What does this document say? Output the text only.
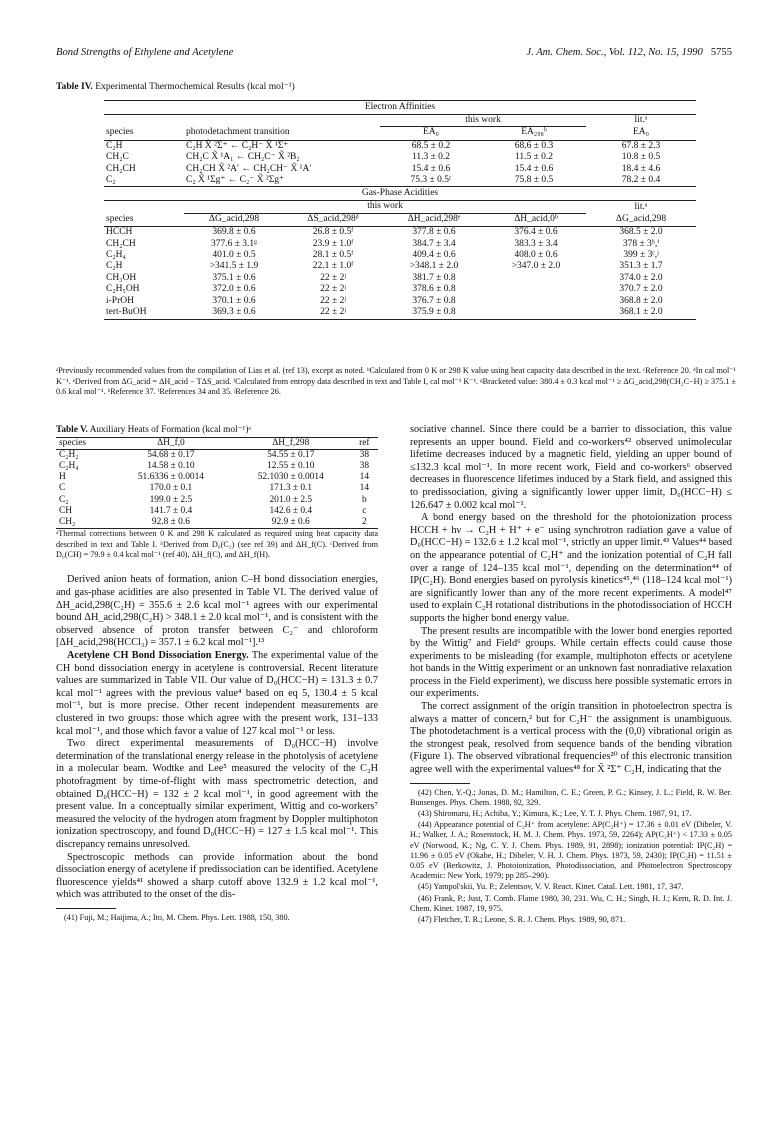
Bond Strengths of Ethylene and Acetylene	J. Am. Chem. Soc., Vol. 112, No. 15, 1990 5755
Table IV. Experimental Thermochemical Results (kcal mol⁻¹)
Electron Affinities
		this work		lit.ᵃ
species	photodetachment transition	EA₀	EA₂₉₈ᵇ	EA₀
C₂H	C₂H X̃ ²Σ⁺ ← C₂H⁻ X̃ ¹Σ⁺	68.5 ± 0.2	68.6 ± 0.3	67.8 ± 2.3
CH₂C	CH₂C X̃ ¹A₁ ← CH₂C⁻ X̃ ²B₂	11.3 ± 0.2	11.5 ± 0.2	10.8 ± 0.5
CH₂CH	CH₂CH X̃ ²A′ ← CH₂CH⁻ X̃ ¹A′	15.4 ± 0.6	15.4 ± 0.6	18.4 ± 4.6
C₂	C₂ X̃ ¹Σg⁺ ← C₂⁻ X̃ ²Σg⁺	75.3 ± 0.5ᶜ	75.8 ± 0.5	78.2 ± 0.4
Gas-Phase Acidities
	this work				lit.ᵃ
species	ΔG_acid,298	ΔS_acid,298ᵈ	ΔH_acid,298ᵉ	ΔH_acid,0ᵇ	ΔG_acid,298
HCCH	369.8 ± 0.6	26.8 ± 0.5ᶠ	377.8 ± 0.6	376.4 ± 0.6	368.5 ± 2.0
CH₂CH	377.6 ± 3.1ᵍ	23.9 ± 1.0ᶠ	384.7 ± 3.4	383.3 ± 3.4	378 ± 3ʰ,ⁱ
C₂H₄	401.0 ± 0.5	28.1 ± 0.5ᶠ	409.4 ± 0.6	408.0 ± 0.6	399 ± 3ᶜ,ʲ
C₂H	>341.5 ± 1.9	22.1 ± 1.0ᶠ	>348.1 ± 2.0	>347.0 ± 2.0	351.3 ± 1.7
CH₃OH	375.1 ± 0.6	22 ± 2ʲ	381.7 ± 0.8		374.0 ± 2.0
C₂H₅OH	372.0 ± 0.6	22 ± 2ʲ	378.6 ± 0.8		370.7 ± 2.0
i-PrOH	370.1 ± 0.6	22 ± 2ʲ	376.7 ± 0.8		368.8 ± 2.0
tert-BuOH	369.3 ± 0.6	22 ± 2ʲ	375.9 ± 0.8		368.1 ± 2.0
ᵃPreviously recommended values from the compilation of Lias et al. (ref 13), except as noted. ᵇCalculated from 0 K or 298 K value using heat capacity data described in the text. ᶜReference 20. ᵈIn cal mol⁻¹ K⁻¹. ᵉDerived from ΔG_acid = ΔH_acid − TΔS_acid. ᶠCalculated from entropy data described in text and Table I, cal mol⁻¹ K⁻¹. ᵍBracketed value: 380.4 ± 0.3 kcal mol⁻¹ ≥ ΔG_acid,298(CH₂C−H) ≥ 375.1 ± 0.6 kcal mol⁻¹. ʰReference 37. ⁱReferences 34 and 35. ʲReference 26.

Table V. Auxiliary Heats of Formation (kcal mol⁻¹)ᵃ

species	ΔH_f,0	ΔH_f,298	ref
C₂H₂	54.68 ± 0.17	54.55 ± 0.17	38
C₂H₄	14.58 ± 0.10	12.55 ± 0.10	38
H	51.6336 ± 0.0014	52.1030 ± 0.0014	14
C	170.0 ± 0.1	171.3 ± 0.1	14
C₂	199.0 ± 2.5	201.0 ± 2.5	b
CH	141.7 ± 0.4	142.6 ± 0.4	c
CH₂	92.8 ± 0.6	92.9 ± 0.6	2

ᵃThermal corrections between 0 K and 298 K calculated as required using heat capacity data described in text and Table I. ᵇDerived from D₀(C₂) (see ref 39) and ΔH_f(C). ᶜDerived from D₀(CH) = 79.9 ± 0.4 kcal mol⁻¹ (ref 40), ΔH_f(C), and ΔH_f(H).

Derived anion heats of formation, anion C–H bond dissociation energies, and gas-phase acidities are also presented in Table VI. The derived value of ΔH_acid,298(C₂H) = 355.6 ± 2.6 kcal mol⁻¹ agrees with our experimental bound ΔH_acid,298(C₂H) > 348.1 ± 2.0 kcal mol⁻¹, and is consistent with the observed absence of proton transfer between C₂⁻ and chloroform [ΔH_acid,298(HCCl₃) = 357.1 ± 6.2 kcal mol⁻¹].¹³

Acetylene CH Bond Dissociation Energy. The experimental value of the CH bond dissociation energy in acetylene is controversial. Recent literature values are summarized in Table VII. Our value of D₀(HCC−H) = 131.3 ± 0.7 kcal mol⁻¹ agrees with the previous value⁴ based on eq 5, 130.4 ± 5 kcal mol⁻¹, but is more precise. Other recent independent measurements are clustered in two groups: those which agree with the present work, 131–133 kcal mol⁻¹, and those which favor a value of 127 kcal mol⁻¹ or less.

Two direct experimental measurements of D₀(HCC−H) involve determination of the translational energy release in the photolysis of acetylene in a molecular beam. Wodtke and Lee⁵ measured the velocity of the C₂H photofragment by time-of-flight with mass spectrometric detection, and obtained D₀(HCC−H) = 132 ± 2 kcal mol⁻¹, in good agreement with the present value. In a conceptually similar experiment, Wittig and co-workers⁷ measured the velocity of the hydrogen atom fragment by Doppler multiphoton ionization spectroscopy, and found D₀(HCC−H) = 127 ± 1.5 kcal mol⁻¹. This discrepancy remains unresolved.

Spectroscopic methods can provide information about the bond dissociation energy of acetylene if predissociation can be identified. Acetylene fluorescence yields⁴¹ showed a sharp cutoff above 132.9 ± 1.2 kcal mol⁻¹, which was attributed to the onset of the dis-

(41) Fuji, M.; Haijima, A.; Ito, M. Chem. Phys. Lett. 1988, 150, 380.

sociative channel. Since there could be a barrier to dissociation, this value represents an upper bound. Field and co-workers⁴² observed unimolecular lifetime decreases induced by a magnetic field, yielding an upper bound of ≤132.3 kcal mol⁻¹. In more recent work, Field and co-workers⁶ observed decreases in fluorescence lifetimes induced by a Stark field, and assigned this to predissociation, giving a significantly lower upper limit, D₀(HCC−H) ≤ 126.647 ± 0.002 kcal mol⁻¹.

A bond energy based on the threshold for the photoionization process HCCH + hν → C₂H + H⁺ + e⁻ using synchrotron radiation gave a value of D₀(HCC−H) = 132.6 ± 1.2 kcal mol⁻¹, strictly an upper limit.⁴³ Values⁴⁴ based on the appearance potential of C₂H⁺ and the ionization potential of C₂H fall over a range of 124–135 kcal mol⁻¹, depending on the determination⁴⁴ of IP(C₂H). Bond energies based on pyrolysis kinetics⁴⁵,⁴⁶ (118–124 kcal mol⁻¹) are significantly lower than any of the more recent experiments. A model⁴⁷ used to explain C₂H rotational distributions in the photodissociation of HCCH supports the higher bond energy value.

The present results are incompatible with the lower bond energies reported by the Wittig⁷ and Field⁶ groups. While certain effects could cause those experiments to be misleading (for example, multiphoton effects or acetylene hot bands in the Wittig experiment or an unknown fast nonradiative relaxation process in the Field experiment), we discuss here possible systematic errors in our experiments.

The correct assignment of the origin transition in photoelectron spectra is always a matter of concern,² but for C₂H⁻ the assignment is unambiguous. The photodetachment is a vertical process with the (0,0) vibrational origin as the strongest peak, resolved from sequence bands of the bending vibration (Figure 1). The observed vibrational frequencies²⁰ of this electronic transition agree well with the experimental values⁴⁸ for X̃ ²Σ⁺ C₂H, indicating that the

(42) Chen, Y.-Q.; Jonas, D. M.; Hamilton, C. E.; Green, P. G.; Kinsey, J. L.; Field, R. W. Ber. Bunsenges. Phys. Chem. 1988, 92, 329.

(43) Shiromaru, H.; Achiba, Y.; Kimura, K.; Lee, Y. T. J. Phys. Chem. 1987, 91, 17.

(44) Appearance potential of C₂H⁺ from acetylene: AP(C₂H⁺) = 17.36 ± 0.01 eV (Dibeler, V. H.; Walker, J. A.; Rosenstock, H. M. J. Chem. Phys. 1973, 59, 2264); AP(C₂H⁺) < 17.33 ± 0.05 eV (Norwood, K.; Ng, C. Y. J. Chem. Phys. 1989, 91, 2898); ionization potential: IP(C₂H) = 11.96 ± 0.05 eV (Okabe, H.; Dibeler, V. H. J. Chem. Phys. 1973, 59, 2430); IP(C₂H) = 11.51 ± 0.05 eV (Berkowitz, J. Photoionization, Photodissociation, and Photoelectron Spectroscopy Academic: New York, 1979; pp 285–290).

(45) Yampol'skii, Yu. P.; Zelentsov, V. V. React. Kinet. Catal. Lett. 1981, 17, 347.

(46) Frank, P.; Just, T. Comb. Flame 1980, 30, 231. Wu, C. H.; Singh, H. J.; Kern, R. D. Int. J. Chem. Kinet. 1987, 19, 975.

(47) Fletcher, T. R.; Leone, S. R. J. Chem. Phys. 1989, 90, 871.
